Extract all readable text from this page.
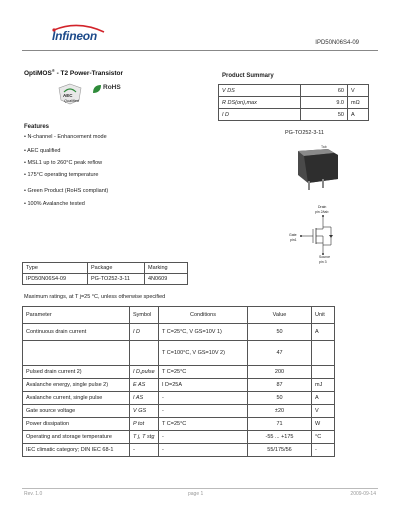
Infineon	IPD50N06S4-09
OptiMOS® - T2 Power-Transistor
AEC
Qualified
RoHS
Product Summary
V DS	60	V
R DS(on),max	9.0	mΩ
I D	50	A
Features
• N-channel - Enhancement mode
• AEC qualified
• MSL1 up to 260°C peak reflow
• 175°C operating temperature
• Green Product (RoHS compliant)
• 100% Avalanche tested
PG-TO252-3-11
Tab
Drain
pin 2/tab
Gate
pin1
Source
pin 3
Type	Package	Marking
IPD50N06S4-09	PG-TO252-3-11	4N0609
Maximum ratings, at T j=25 °C, unless otherwise specified
Parameter	Symbol	Conditions	Value	Unit
Continuous drain current	I D	T C=25°C, V GS=10V 1)	50	A
		T C=100°C, V GS=10V 2)	47	
Pulsed drain current 2)	I D,pulse	T C=25°C	200	
Avalanche energy, single pulse 2)	E AS	I D=25A	87	mJ
Avalanche current, single pulse	I AS	-	50	A
Gate source voltage	V GS	-	±20	V
Power dissipation	P tot	T C=25°C	71	W
Operating and storage temperature	T j, T stg	-	-55 ... +175	°C
IEC climatic category; DIN IEC 68-1	-	-	55/175/56	-
Rev. 1.0	page 1	2009-09-14
